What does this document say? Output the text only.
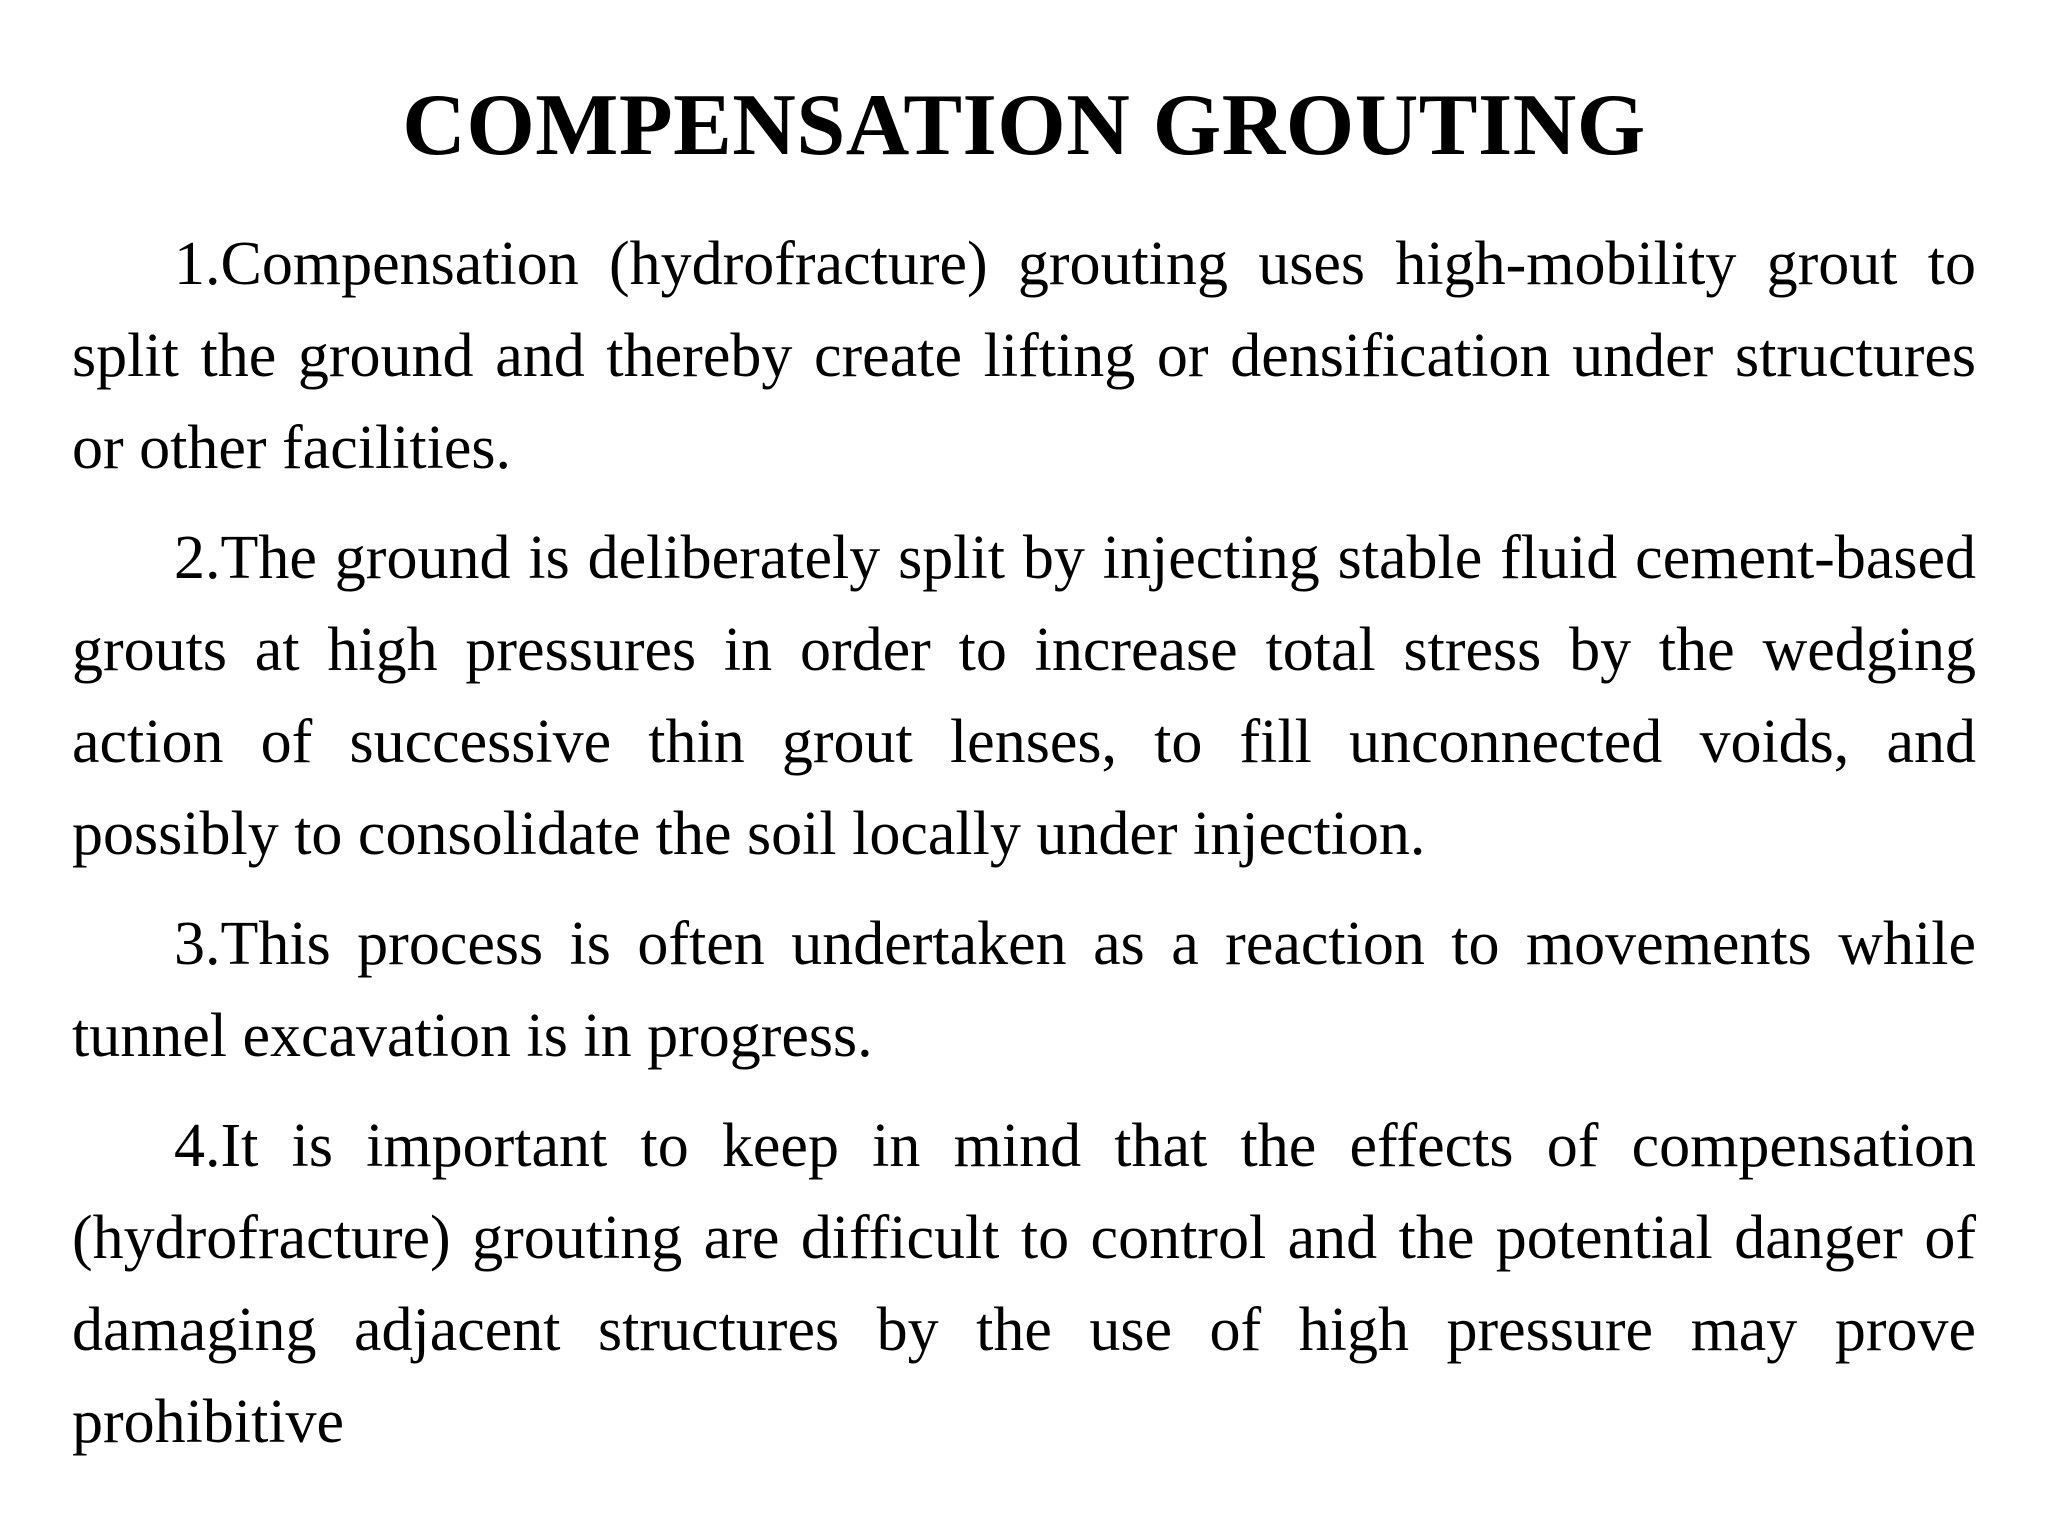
COMPENSATION GROUTING

1.Compensation (hydrofracture) grouting uses high-mobility grout to split the ground and thereby create lifting or densification under structures or other facilities.

2.The ground is deliberately split by injecting stable fluid cement-based grouts at high pressures in order to increase total stress by the wedging action of successive thin grout lenses, to fill unconnected voids, and possibly to consolidate the soil locally under injection.

3.This process is often undertaken as a reaction to movements while tunnel excavation is in progress.

4.It is important to keep in mind that the effects of compensation (hydrofracture) grouting are difficult to control and the potential danger of damaging adjacent structures by the use of high pressure may prove prohibitive
